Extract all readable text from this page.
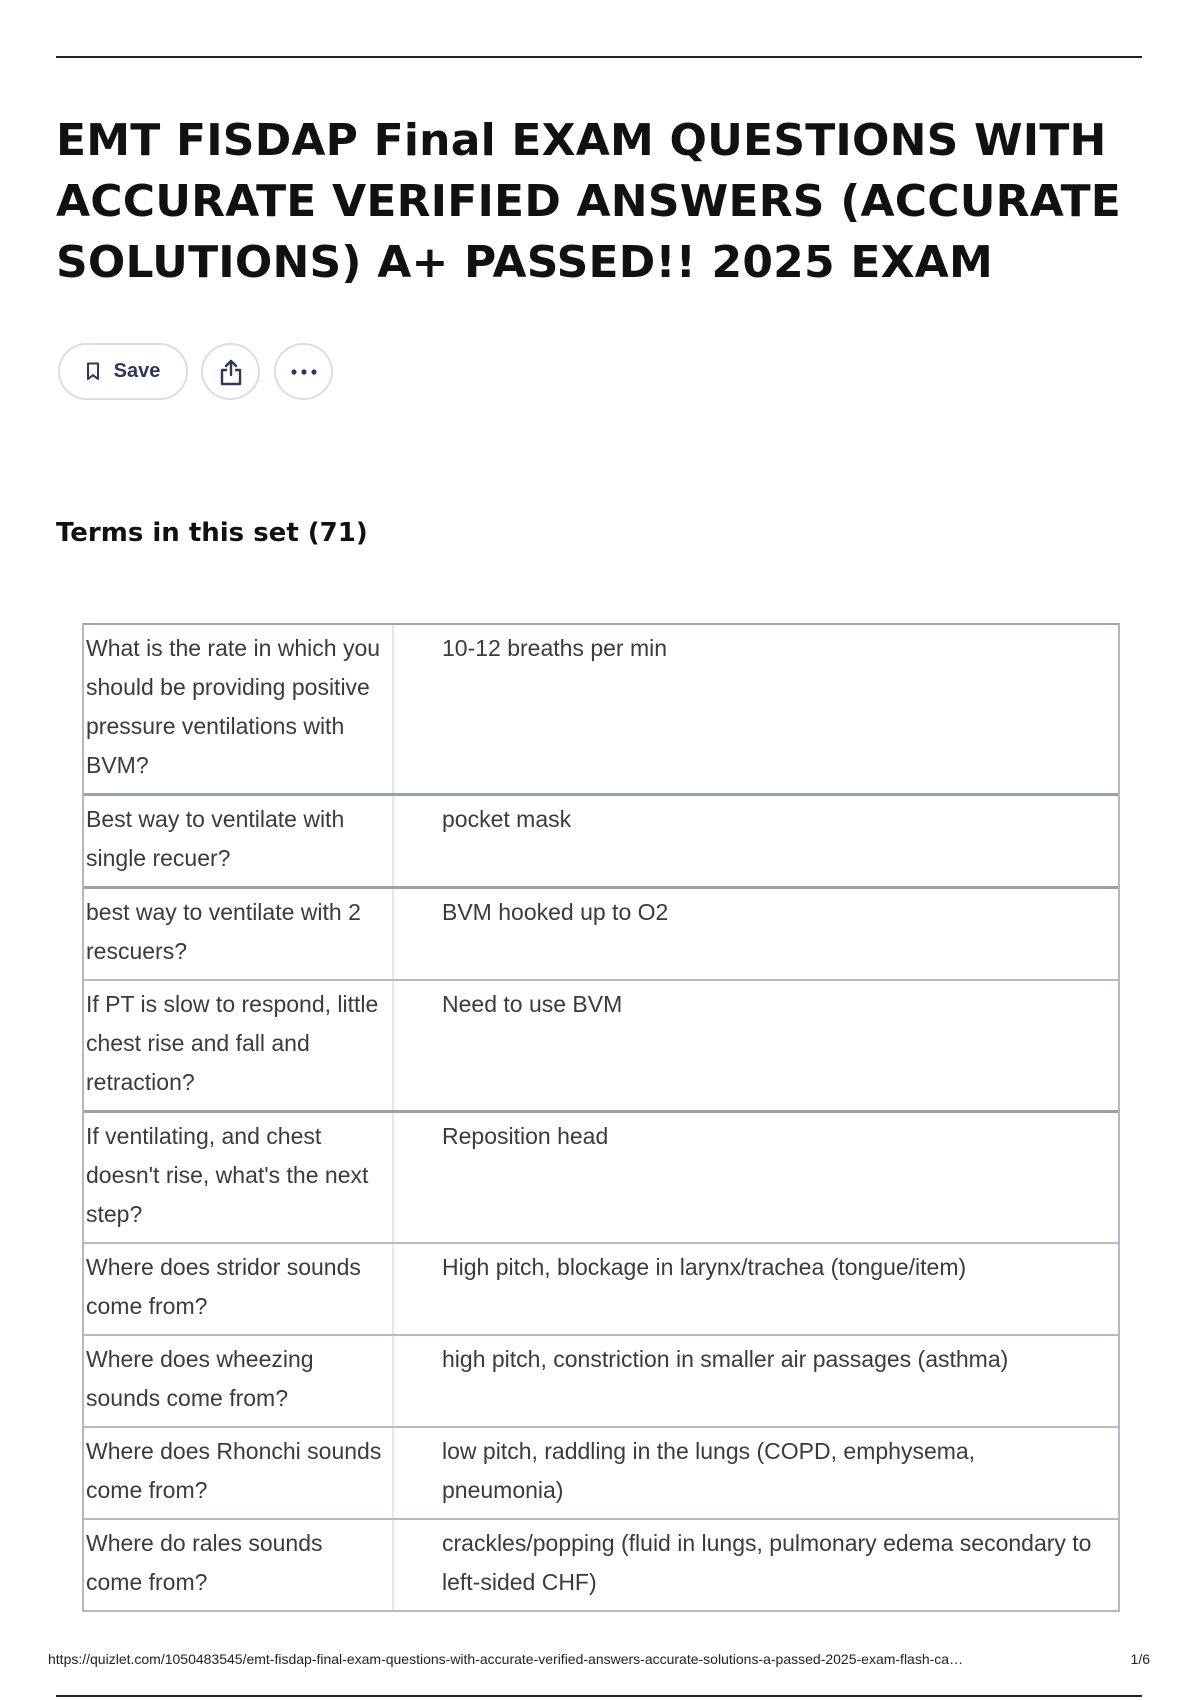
EMT FISDAP Final EXAM QUESTIONS WITH ACCURATE VERIFIED ANSWERS (ACCURATE SOLUTIONS) A+ PASSED!! 2025 EXAM
Save
Terms in this set (71)
What is the rate in which you should be providing positive pressure ventilations with BVM?
10-12 breaths per min
Best way to ventilate with single recuer?
pocket mask
best way to ventilate with 2 rescuers?
BVM hooked up to O2
If PT is slow to respond, little chest rise and fall and retraction?
Need to use BVM
If ventilating, and chest doesn't rise, what's the next step?
Reposition head
Where does stridor sounds come from?
High pitch, blockage in larynx/trachea (tongue/item)
Where does wheezing sounds come from?
high pitch, constriction in smaller air passages (asthma)
Where does Rhonchi sounds come from?
low pitch, raddling in the lungs (COPD, emphysema, pneumonia)
Where do rales sounds come from?
crackles/popping (fluid in lungs, pulmonary edema secondary to left-sided CHF)
https://quizlet.com/1050483545/emt-fisdap-final-exam-questions-with-accurate-verified-answers-accurate-solutions-a-passed-2025-exam-flash-ca…	1/6
